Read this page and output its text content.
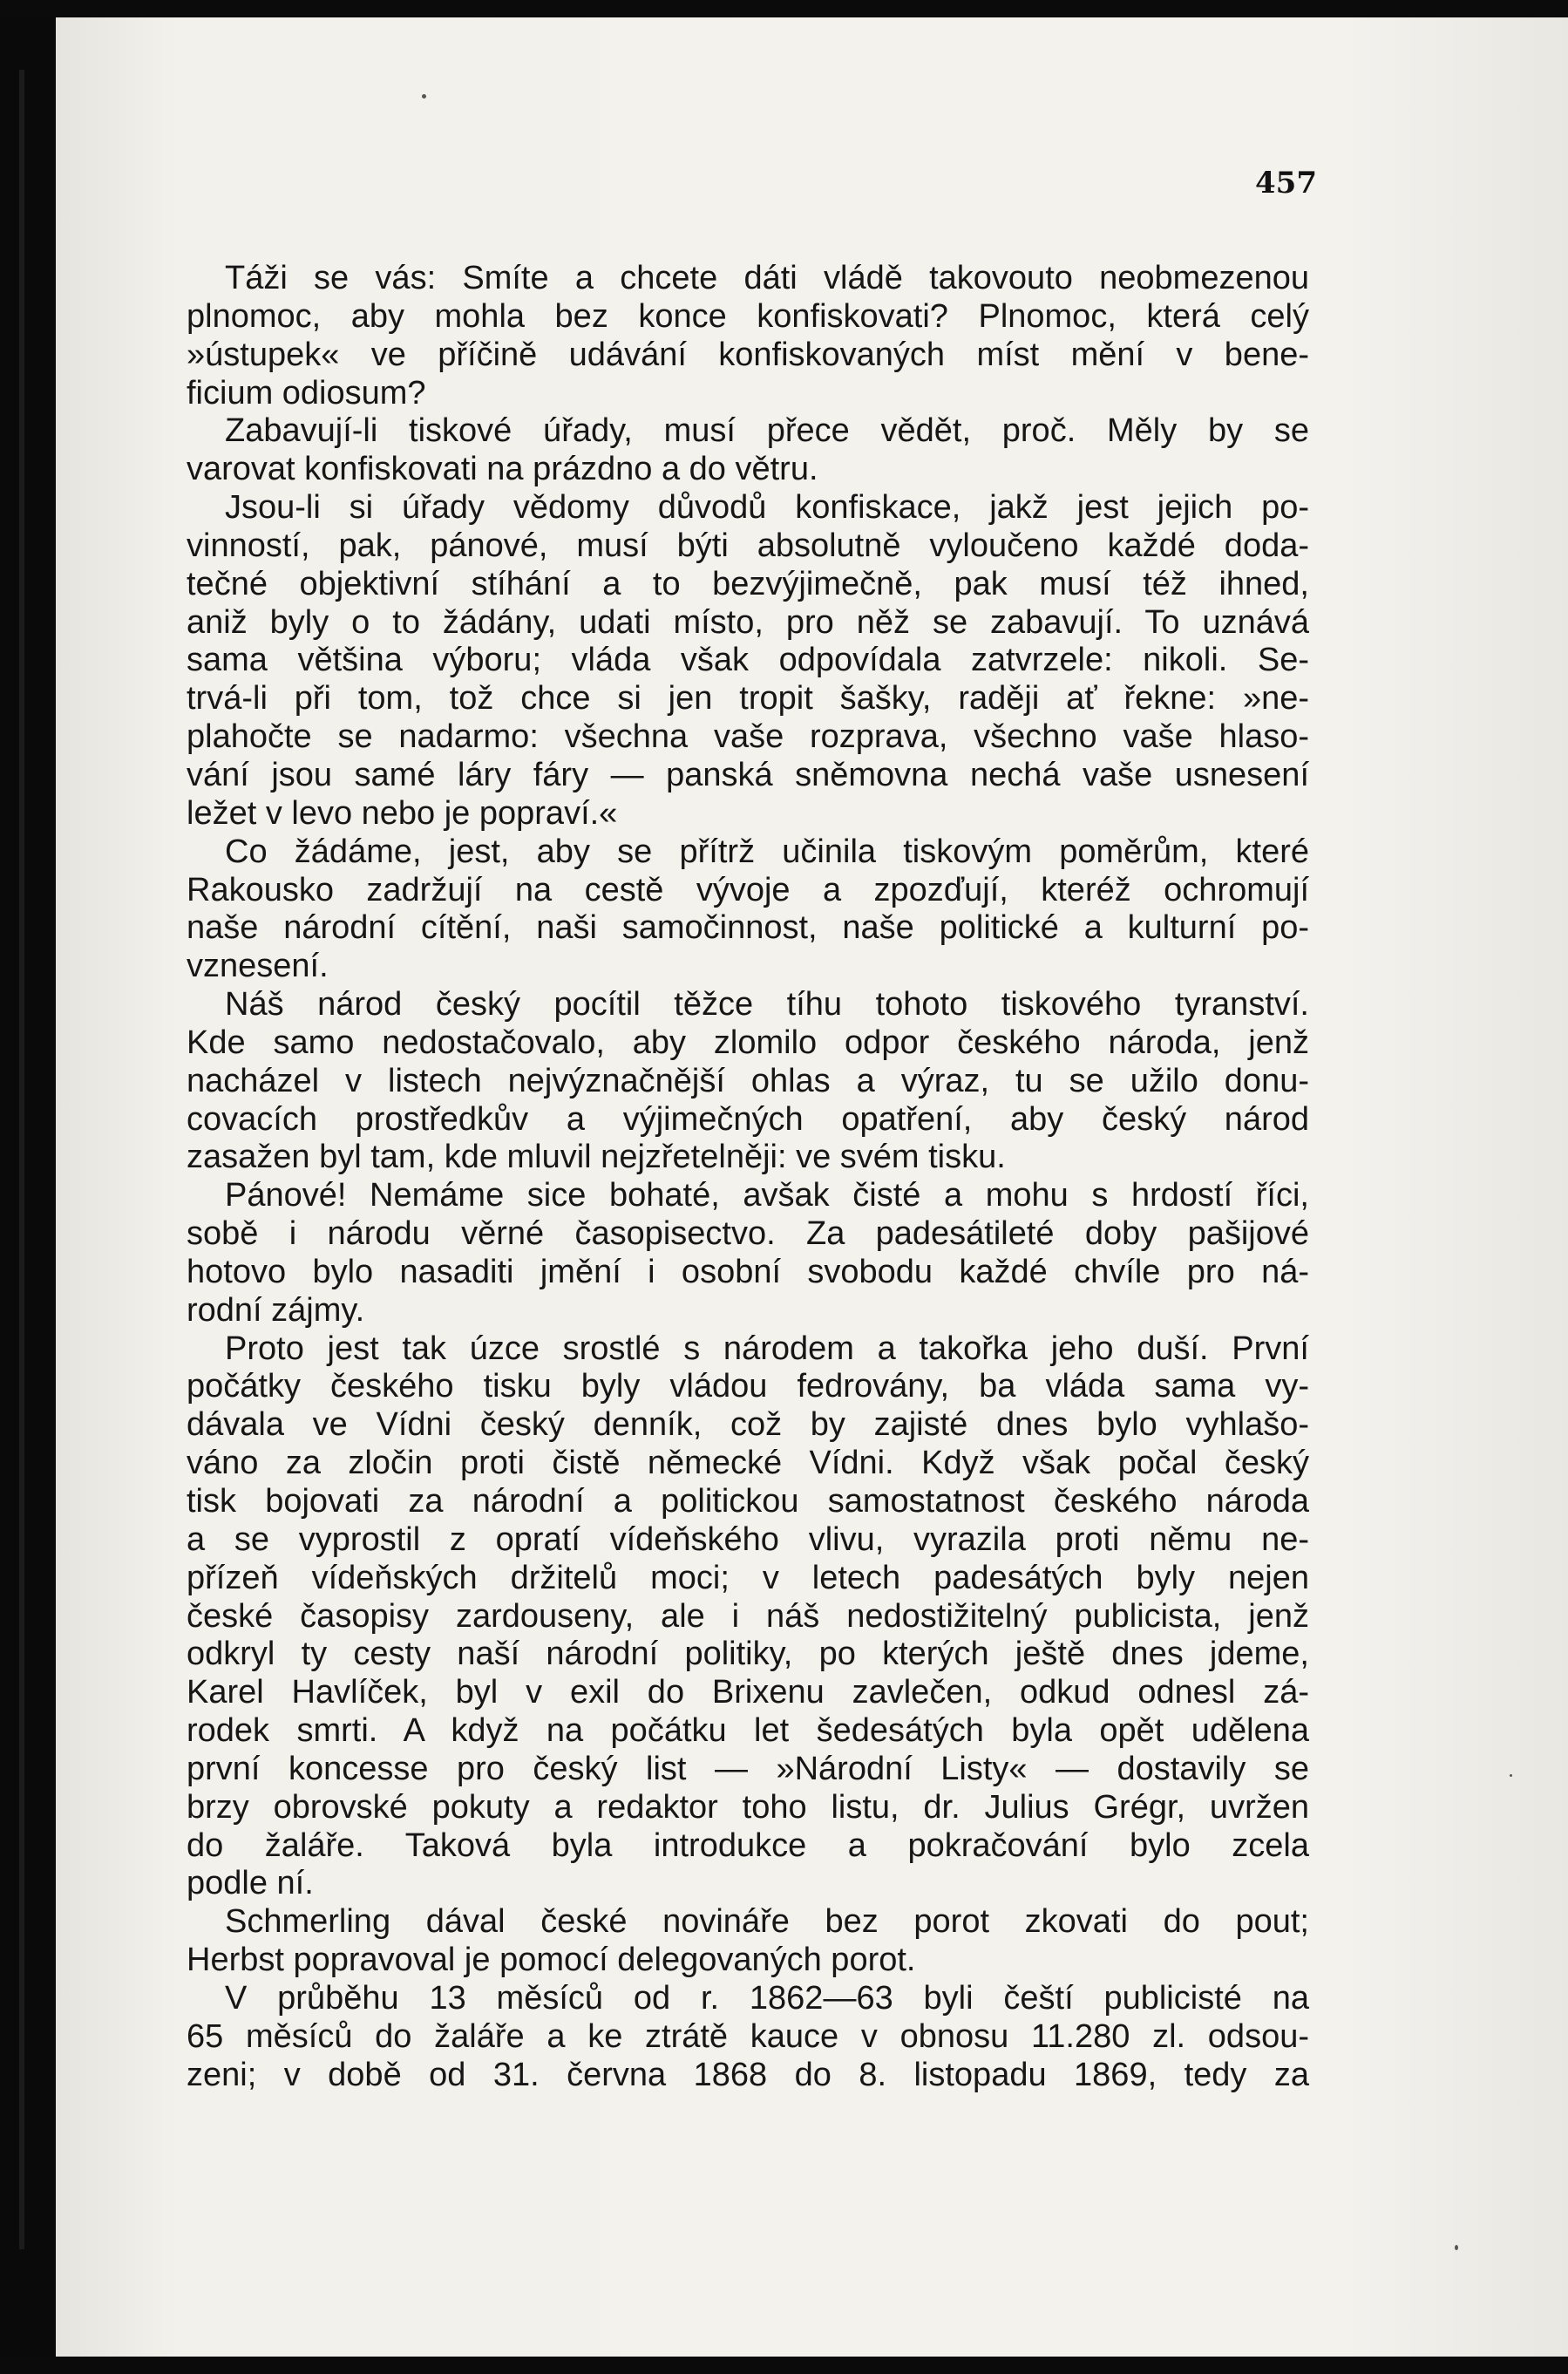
457
Táži se vás: Smíte a chcete dáti vládě takovouto neobmezenou
plnomoc, aby mohla bez konce konfiskovati? Plnomoc, která celý
»ústupek« ve příčině udávání konfiskovaných míst mění v bene-
ficium odiosum?
Zabavují-li tiskové úřady, musí přece vědět, proč. Měly by se
varovat konfiskovati na prázdno a do větru.
Jsou-li si úřady vědomy důvodů konfiskace, jakž jest jejich po-
vinností, pak, pánové, musí býti absolutně vyloučeno každé doda-
tečné objektivní stíhání a to bezvýjimečně, pak musí též ihned,
aniž byly o to žádány, udati místo, pro něž se zabavují. To uznává
sama většina výboru; vláda však odpovídala zatvrzele: nikoli. Se-
trvá-li při tom, tož chce si jen tropit šašky, raději ať řekne: »ne-
plahočte se nadarmo: všechna vaše rozprava, všechno vaše hlaso-
vání jsou samé láry fáry — panská sněmovna nechá vaše usnesení
ležet v levo nebo je popraví.«
Co žádáme, jest, aby se přítrž učinila tiskovým poměrům, které
Rakousko zadržují na cestě vývoje a zpozďují, kteréž ochromují
naše národní cítění, naši samočinnost, naše politické a kulturní po-
vznesení.
Náš národ český pocítil těžce tíhu tohoto tiskového tyranství.
Kde samo nedostačovalo, aby zlomilo odpor českého národa, jenž
nacházel v listech nejvýznačnější ohlas a výraz, tu se užilo donu-
covacích prostředkův a výjimečných opatření, aby český národ
zasažen byl tam, kde mluvil nejzřetelněji: ve svém tisku.
Pánové! Nemáme sice bohaté, avšak čisté a mohu s hrdostí říci,
sobě i národu věrné časopisectvo. Za padesátileté doby pašijové
hotovo bylo nasaditi jmění i osobní svobodu každé chvíle pro ná-
rodní zájmy.
Proto jest tak úzce srostlé s národem a takořka jeho duší. První
počátky českého tisku byly vládou fedrovány, ba vláda sama vy-
dávala ve Vídni český denník, což by zajisté dnes bylo vyhlašo-
váno za zločin proti čistě německé Vídni. Když však počal český
tisk bojovati za národní a politickou samostatnost českého národa
a se vyprostil z opratí vídeňského vlivu, vyrazila proti němu ne-
přízeň vídeňských držitelů moci; v letech padesátých byly nejen
české časopisy zardouseny, ale i náš nedostižitelný publicista, jenž
odkryl ty cesty naší národní politiky, po kterých ještě dnes jdeme,
Karel Havlíček, byl v exil do Brixenu zavlečen, odkud odnesl zá-
rodek smrti. A když na počátku let šedesátých byla opět udělena
první koncesse pro český list — »Národní Listy« — dostavily se
brzy obrovské pokuty a redaktor toho listu, dr. Julius Grégr, uvržen
do žaláře. Taková byla introdukce a pokračování bylo zcela
podle ní.
Schmerling dával české novináře bez porot zkovati do pout;
Herbst popravoval je pomocí delegovaných porot.
V průběhu 13 měsíců od r. 1862—63 byli čeští publicisté na
65 měsíců do žaláře a ke ztrátě kauce v obnosu 11.280 zl. odsou-
zeni; v době od 31. června 1868 do 8. listopadu 1869, tedy za
